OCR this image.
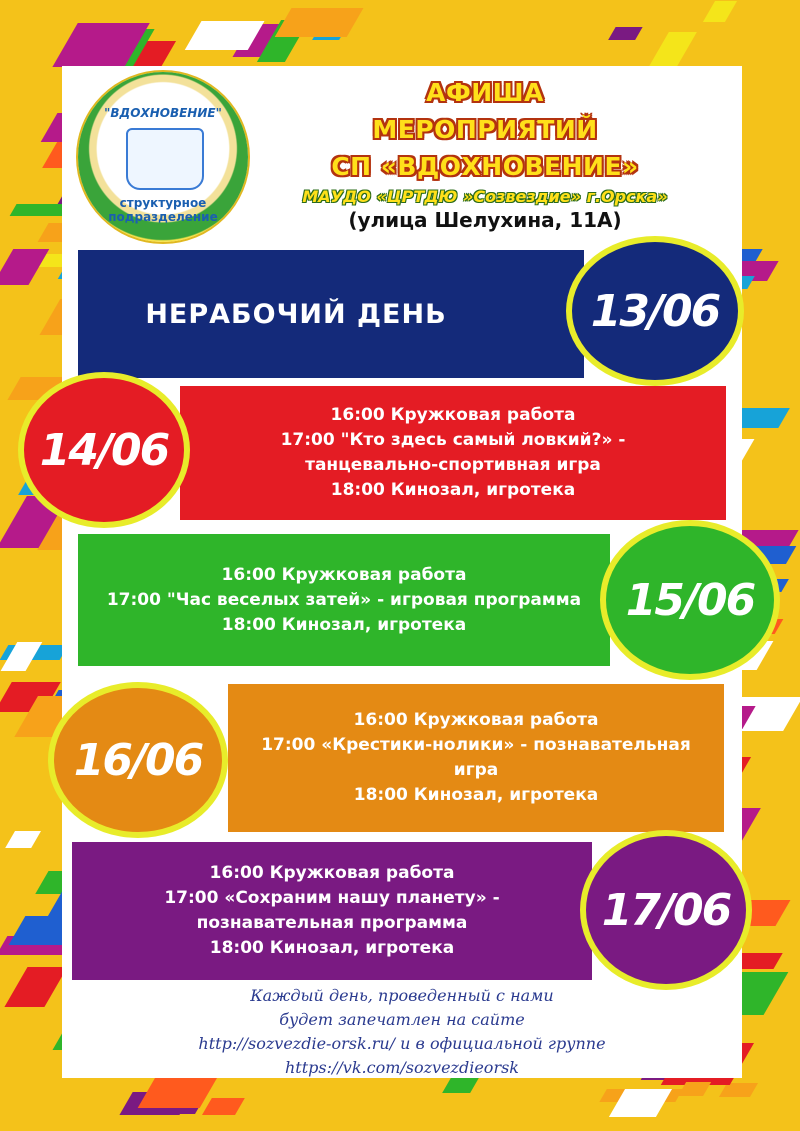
"ВДОХНОВЕНИЕ"
структурное подразделение
АФИША
МЕРОПРИЯТИЙ
СП «ВДОХНОВЕНИЕ»
МАУДО «ЦРТДЮ »Созвездие» г.Орска»
(улица Шелухина, 11А)
НЕРАБОЧИЙ ДЕНЬ	13/06
16:00 Кружковая работа
17:00 "Кто здесь самый ловкий?» -
танцевально-спортивная игра
18:00 Кинозал, игротека
14/06
16:00 Кружковая работа
17:00 "Час веселых затей» - игровая программа
18:00 Кинозал, игротека	15/06
16:00 Кружковая работа
17:00 «Крестики-нолики» - познавательная
игра
18:00 Кинозал, игротека
16/06
16:00 Кружковая работа
17:00 «Сохраним нашу планету» -
познавательная программа
18:00 Кинозал, игротека
17/06
Каждый день, проведенный с нами
будет запечатлен на сайте
http://sozvezdie-orsk.ru/ и в официальной группе
https://vk.com/sozvezdieorsk
